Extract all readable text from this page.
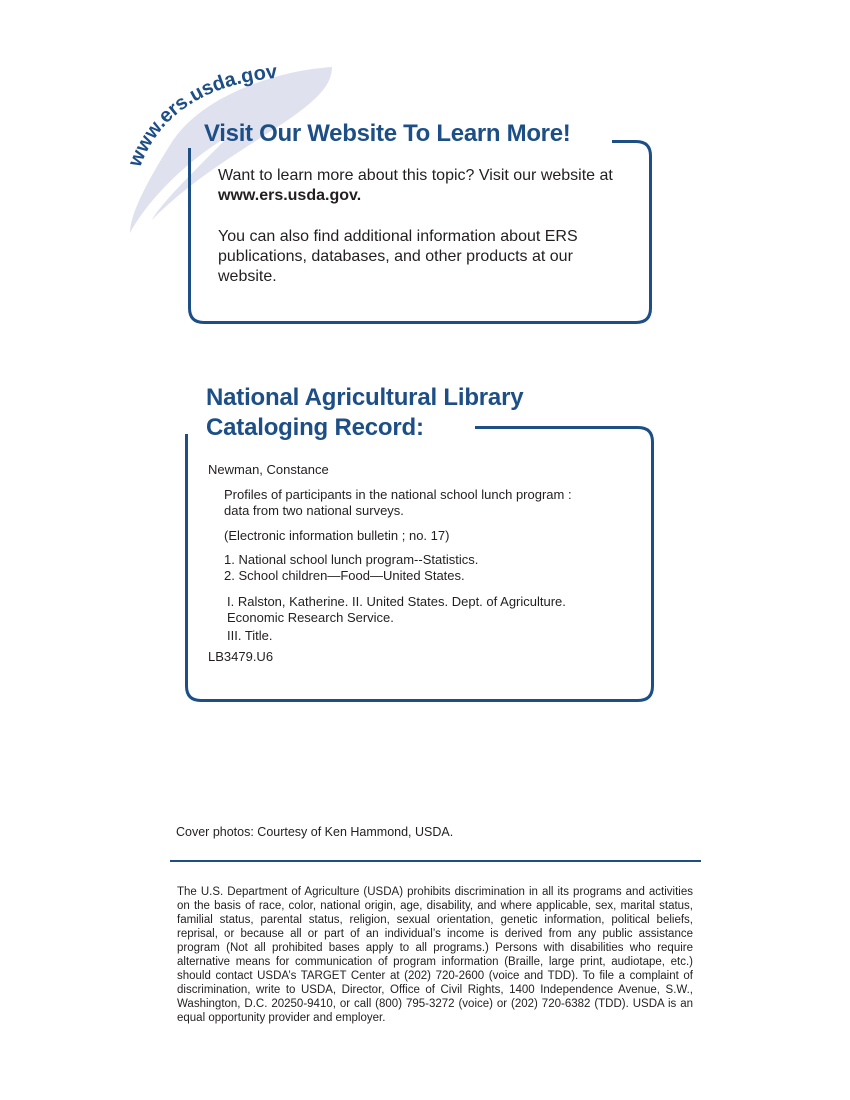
www.ers.usda.gov
Visit Our Website To Learn More!
Want to learn more about this topic? Visit our website at
www.ers.usda.gov.
You can also find additional information about ERS publications, databases, and other products at our website.
National Agricultural Library
Cataloging Record:
Newman, Constance
Profiles of participants in the national school lunch program :
data from two national surveys.
(Electronic information bulletin ; no. 17)
1. National school lunch program--Statistics.
2. School children—Food—United States.
I. Ralston, Katherine. II. United States. Dept. of Agriculture.
Economic Research Service.
III. Title.
LB3479.U6
Cover photos: Courtesy of Ken Hammond, USDA.
The U.S. Department of Agriculture (USDA) prohibits discrimination in all its programs and activities on the basis of race, color, national origin, age, disability, and where applicable, sex, marital status, familial status, parental status, religion, sexual orientation, genetic information, political beliefs, reprisal, or because all or part of an individual’s income is derived from any public assistance program (Not all prohibited bases apply to all programs.) Persons with disabilities who require alternative means for communication of program information (Braille, large print, audiotape, etc.) should contact USDA’s TARGET Center at (202) 720-2600 (voice and TDD). To file a complaint of discrimination, write to USDA, Director, Office of Civil Rights, 1400 Independence Avenue, S.W., Washington, D.C. 20250-9410, or call (800) 795-3272 (voice) or (202) 720-6382 (TDD). USDA is an equal opportunity provider and employer.
